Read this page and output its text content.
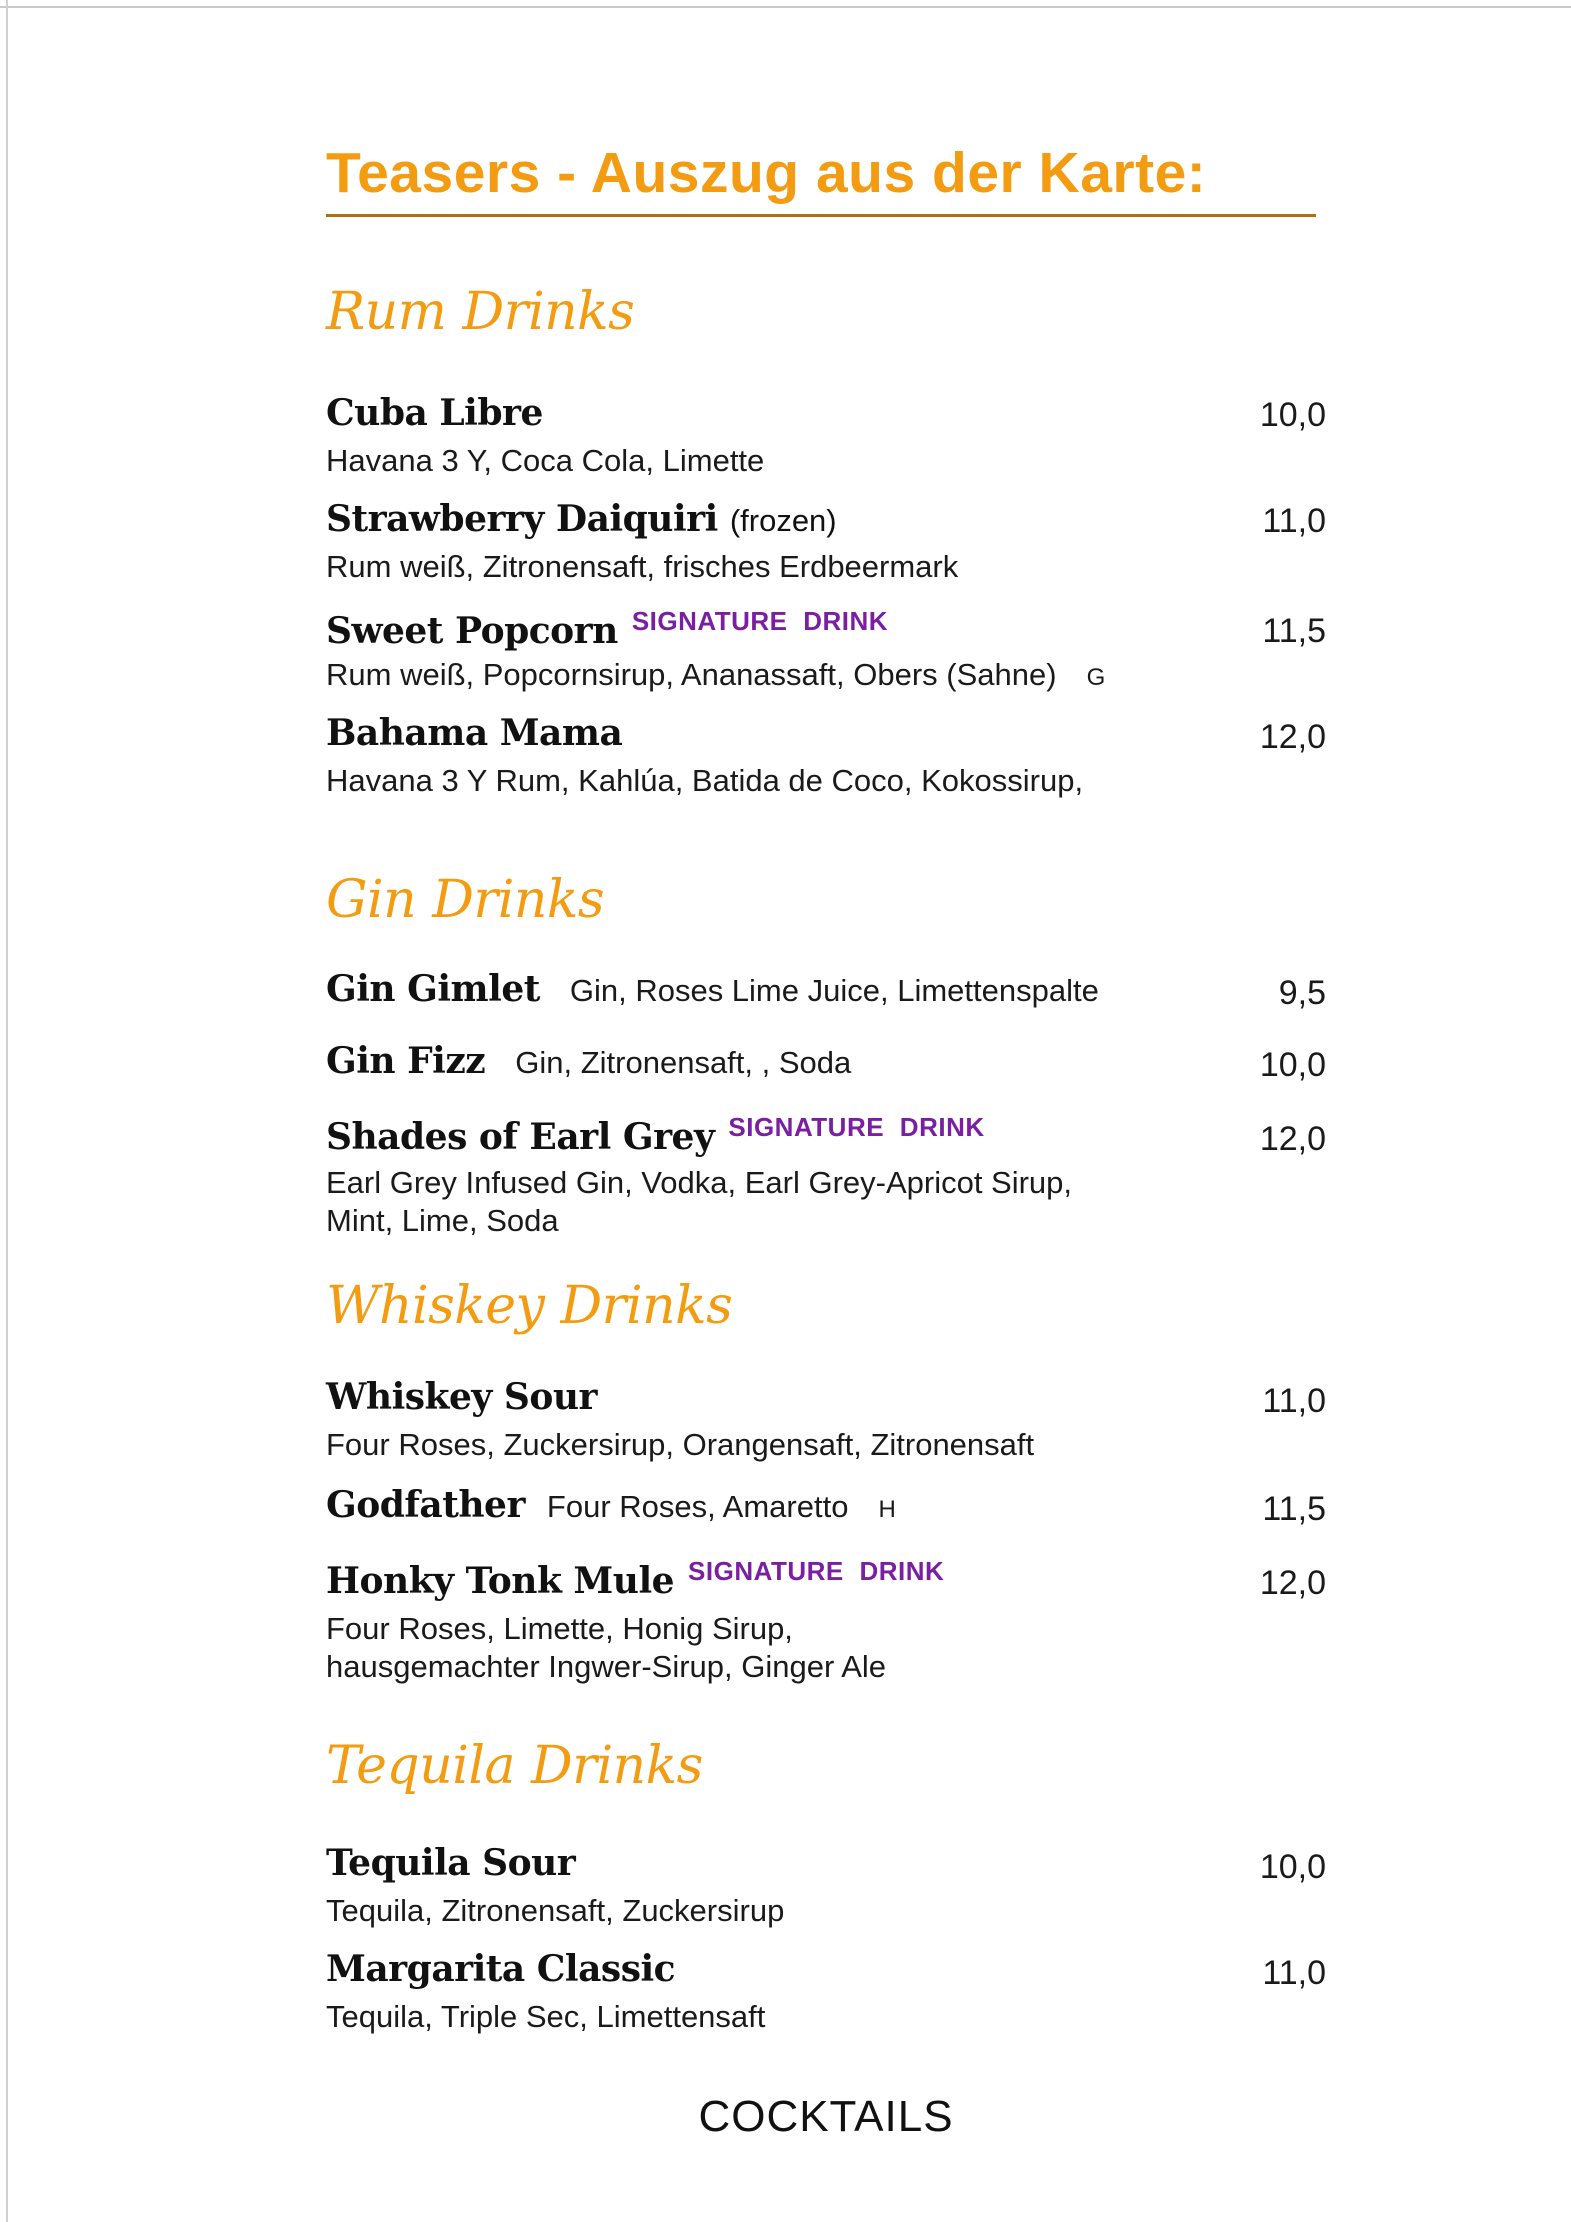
Teasers - Auszug aus der Karte:
Rum Drinks
Cuba Libre	10,0
Havana 3 Y, Coca Cola, Limette
Strawberry Daiquiri (frozen)	11,0
Rum weiß, Zitronensaft, frisches Erdbeermark
Sweet Popcorn $^{SIGNATURE DRINK}$	11,5
Rum weiß, Popcornsirup, Ananassaft, Obers (Sahne) G
Bahama Mama	12,0
Havana 3 Y Rum, Kahlúa, Batida de Coco, Kokossirup,
Gin Drinks
Gin Gimlet Gin, Roses Lime Juice, Limettenspalte	9,5
Gin Fizz Gin, Zitronensaft, , Soda	10,0
Shades of Earl Grey $^{SIGNATURE DRINK}$	12,0
Earl Grey Infused Gin, Vodka, Earl Grey-Apricot Sirup,
Mint, Lime, Soda
Whiskey Drinks
Whiskey Sour	11,0
Four Roses, Zuckersirup, Orangensaft, Zitronensaft
Godfather Four Roses, Amaretto H	11,5
Honky Tonk Mule $^{SIGNATURE DRINK}$	12,0
Four Roses, Limette, Honig Sirup,
hausgemachter Ingwer-Sirup, Ginger Ale
Tequila Drinks
Tequila Sour	10,0
Tequila, Zitronensaft, Zuckersirup
Margarita Classic	11,0
Tequila, Triple Sec, Limettensaft
COCKTAILS
